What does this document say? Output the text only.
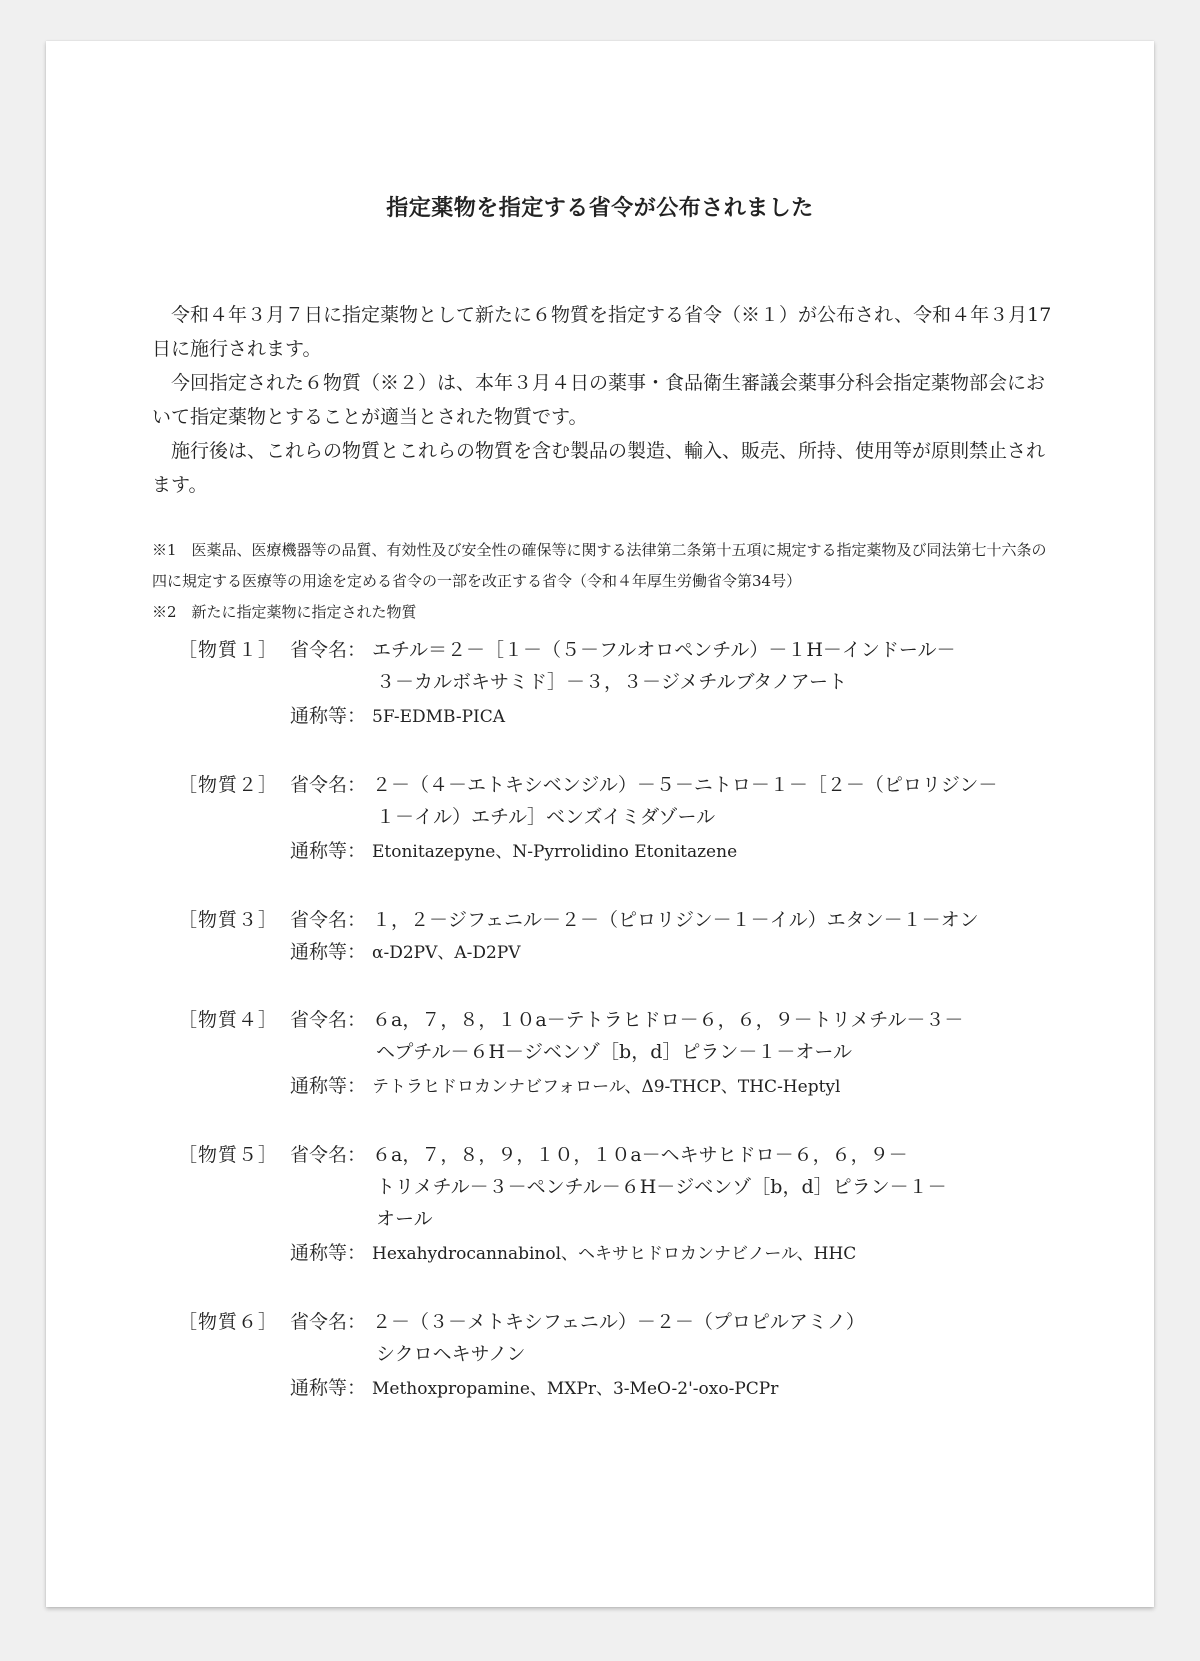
指定薬物を指定する省令が公布されました

　令和４年３月７日に指定薬物として新たに６物質を指定する省令（※１）が公布され、令和４年３月17日に施行されます。

　今回指定された６物質（※２）は、本年３月４日の薬事・食品衛生審議会薬事分科会指定薬物部会において指定薬物とすることが適当とされた物質です。

　施行後は、これらの物質とこれらの物質を含む製品の製造、輸入、販売、所持、使用等が原則禁止されます。

※1　医薬品、医療機器等の品質、有効性及び安全性の確保等に関する法律第二条第十五項に規定する指定薬物及び同法第七十六条の四に規定する医療等の用途を定める省令の一部を改正する省令（令和４年厚生労働省令第34号）

※2　新たに指定薬物に指定された物質

［物質１］ 省令名： エチル＝２－［１－（５－フルオロペンチル）－１H－インドール－
３－カルボキサミド］－３，３－ジメチルブタノアート
通称等： 5F-EDMB-PICA
［物質２］ 省令名： ２－（４－エトキシベンジル）－５－ニトロ－１－［２－（ピロリジン－
１－イル）エチル］ベンズイミダゾール
通称等： Etonitazepyne、N-Pyrrolidino Etonitazene
［物質３］ 省令名： １，２－ジフェニル－２－（ピロリジン－１－イル）エタン－１－オン
通称等： α-D2PV、A-D2PV
［物質４］ 省令名： ６a，７，８，１０a－テトラヒドロ－６，６，９－トリメチル－３－
ヘプチル－６H－ジベンゾ［b，d］ピラン－１－オール
通称等： テトラヒドロカンナビフォロール、Δ9-THCP、THC-Heptyl
［物質５］ 省令名： ６a，７，８，９，１０，１０a－ヘキサヒドロ－６，６，９－
トリメチル－３－ペンチル－６H－ジベンゾ［b，d］ピラン－１－
オール
通称等： Hexahydrocannabinol、ヘキサヒドロカンナビノール、HHC
［物質６］ 省令名： ２－（３－メトキシフェニル）－２－（プロピルアミノ）
シクロヘキサノン
通称等： Methoxpropamine、MXPr、3-MeO-2'-oxo-PCPr
